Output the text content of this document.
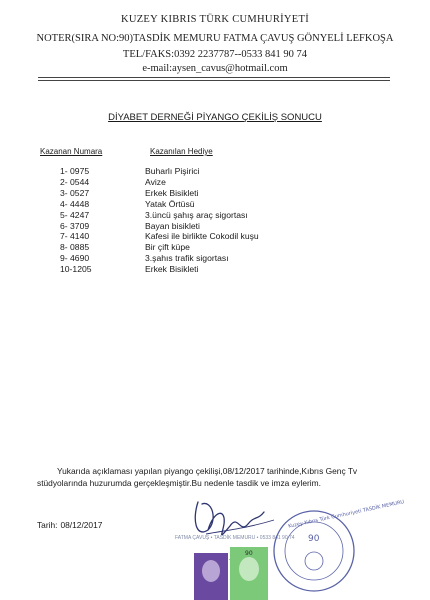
KUZEY KIBRIS TÜRK CUMHURİYETİ
NOTER(SIRA NO:90)TASDİK MEMURU FATMA ÇAVUŞ GÖNYELİ LEFKOŞA
TEL/FAKS:0392 2237787--0533 841 90 74
e-mail:aysen_cavus@hotmail.com
DİYABET DERNEĞİ PİYANGO ÇEKİLİŞ SONUCU
Kazanan Numara	Kazanılan Hediye
1- 0975	Buharlı Pişirici
2- 0544	Avize
3- 0527	Erkek Bisikleti
4- 4448	Yatak Örtüsü
5- 4247	3.üncü şahış araç sigortası
6- 3709	Bayan bisikleti
7- 4140	Kafesi ile birlikte Cokodil kuşu
8- 0885	Bir çift küpe
9- 4690	3.şahıs trafik sigortası
10-1205	Erkek Bisikleti
Yukarıda açıklaması yapılan piyango çekilişi,08/12/2017 tarihinde,Kıbrıs Genç Tv
stüdyolarında huzurumda gerçekleşmiştir.Bu nedenle tasdik ve imza eylerim.
Tarih: 08/12/2017
FATMA ÇAVUŞ • TASDİK MEMURU • 0533 841 90 74
90
90
Kuzey Kıbrıs Türk Cumhuriyeti TASDİK MEMURU
